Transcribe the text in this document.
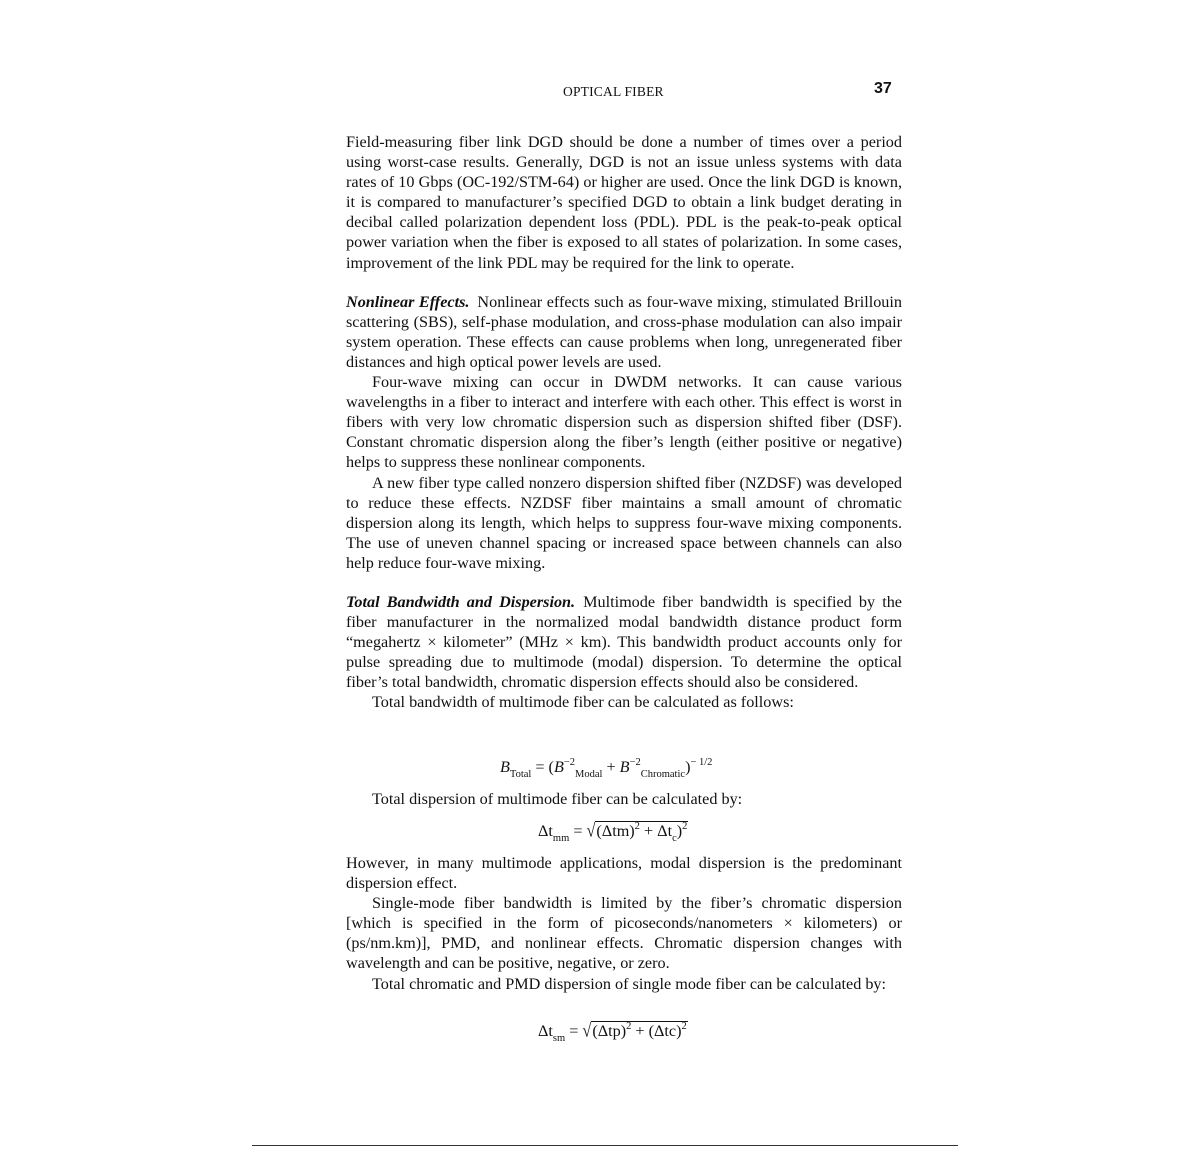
OPTICAL FIBER	37

Field-measuring fiber link DGD should be done a number of times over a period using worst-case results. Generally, DGD is not an issue unless systems with data rates of 10 Gbps (OC-192/STM-64) or higher are used. Once the link DGD is known, it is compared to manufacturer’s specified DGD to obtain a link budget derating in decibal called polarization dependent loss (PDL). PDL is the peak-to-peak optical power variation when the fiber is exposed to all states of polarization. In some cases, improvement of the link PDL may be required for the link to operate.

Nonlinear Effects. Nonlinear effects such as four-wave mixing, stimulated Brillouin scattering (SBS), self-phase modulation, and cross-phase modulation can also impair system operation. These effects can cause problems when long, unregenerated fiber distances and high optical power levels are used.

Four-wave mixing can occur in DWDM networks. It can cause various wavelengths in a fiber to interact and interfere with each other. This effect is worst in fibers with very low chromatic dispersion such as dispersion shifted fiber (DSF). Constant chromatic dispersion along the fiber’s length (either positive or negative) helps to suppress these nonlinear components.

A new fiber type called nonzero dispersion shifted fiber (NZDSF) was developed to reduce these effects. NZDSF fiber maintains a small amount of chromatic dispersion along its length, which helps to suppress four-wave mixing components. The use of uneven channel spacing or increased space between channels can also help reduce four-wave mixing.

Total Bandwidth and Dispersion. Multimode fiber bandwidth is specified by the fiber manufacturer in the normalized modal bandwidth distance product form “megahertz × kilometer” (MHz × km). This bandwidth product accounts only for pulse spreading due to multimode (modal) dispersion. To determine the optical fiber’s total bandwidth, chromatic dispersion effects should also be considered.

Total bandwidth of multimode fiber can be calculated as follows:

$B_{Total} = (B^{-2}_{Modal} + B^{-2}_{Chromatic})^{- 1/2}$

Total dispersion of multimode fiber can be calculated by:

$\Delta t_{mm} = √(\Delta tm)^2 + \Delta t_c)^2$

However, in many multimode applications, modal dispersion is the predominant dispersion effect.

Single-mode fiber bandwidth is limited by the fiber’s chromatic dispersion [which is specified in the form of picoseconds/nanometers × kilometers) or (ps/nm.km)], PMD, and nonlinear effects. Chromatic dispersion changes with wavelength and can be positive, negative, or zero.

Total chromatic and PMD dispersion of single mode fiber can be calculated by:

$\Delta t_{sm} = √(\Delta tp)^2 + (\Delta tc)^2$
